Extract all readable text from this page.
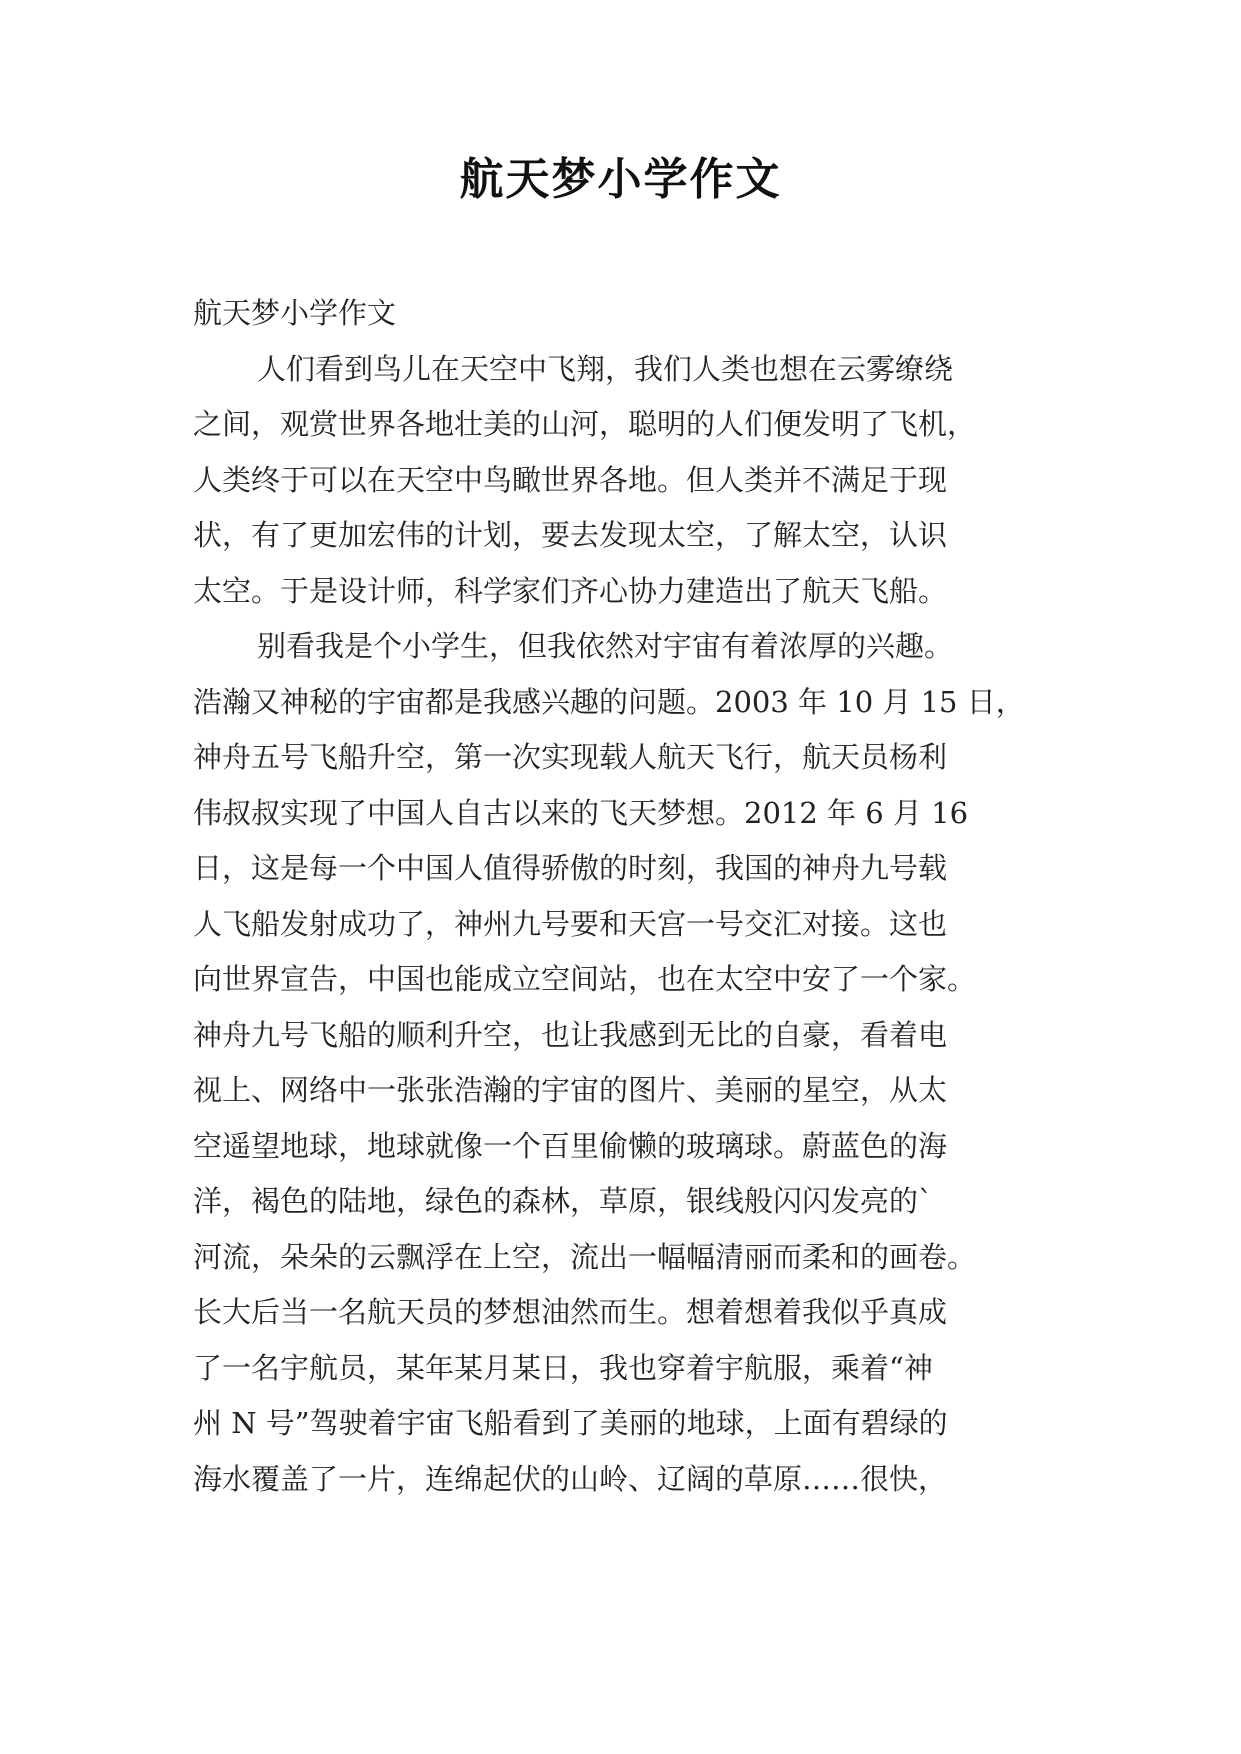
航天梦小学作文
航天梦小学作文
人们看到鸟儿在天空中飞翔，我们人类也想在云雾缭绕
之间，观赏世界各地壮美的山河，聪明的人们便发明了飞机，
人类终于可以在天空中鸟瞰世界各地。但人类并不满足于现
状，有了更加宏伟的计划，要去发现太空，了解太空，认识
太空。于是设计师，科学家们齐心协力建造出了航天飞船。
别看我是个小学生，但我依然对宇宙有着浓厚的兴趣。
浩瀚又神秘的宇宙都是我感兴趣的问题。2003 年 10 月 15 日，
神舟五号飞船升空，第一次实现载人航天飞行，航天员杨利
伟叔叔实现了中国人自古以来的飞天梦想。2012 年 6 月 16
日，这是每一个中国人值得骄傲的时刻，我国的神舟九号载
人飞船发射成功了，神州九号要和天宫一号交汇对接。这也
向世界宣告，中国也能成立空间站，也在太空中安了一个家。
神舟九号飞船的顺利升空，也让我感到无比的自豪，看着电
视上、网络中一张张浩瀚的宇宙的图片、美丽的星空，从太
空遥望地球，地球就像一个百里偷懒的玻璃球。蔚蓝色的海
洋，褐色的陆地，绿色的森林，草原，银线般闪闪发亮的`
河流，朵朵的云飘浮在上空，流出一幅幅清丽而柔和的画卷。
长大后当一名航天员的梦想油然而生。想着想着我似乎真成
了一名宇航员，某年某月某日，我也穿着宇航服，乘着“神
州 N 号”驾驶着宇宙飞船看到了美丽的地球，上面有碧绿的
海水覆盖了一片，连绵起伏的山岭、辽阔的草原……很快，
